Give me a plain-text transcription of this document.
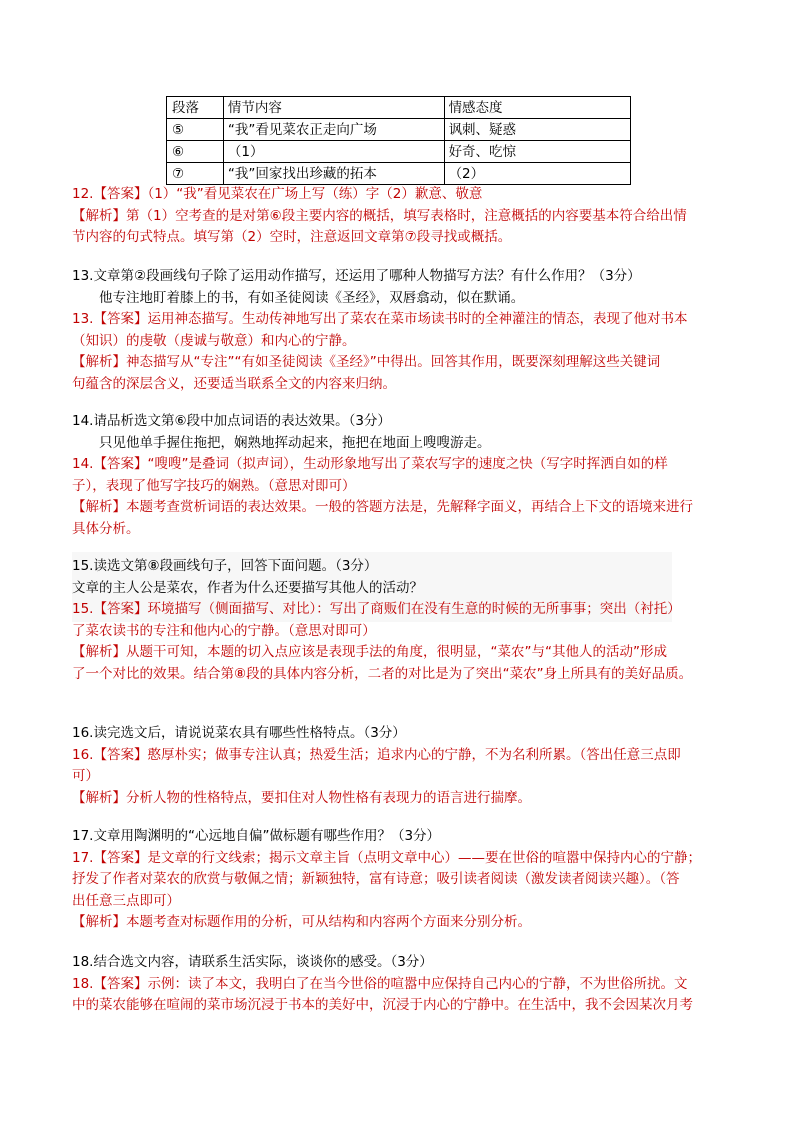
段落	情节内容	情感态度
⑤	“我”看见菜农正走向广场	讽刺、疑惑
⑥	（1）	好奇、吃惊
⑦	“我”回家找出珍藏的拓本	（2）
12.【答案】（1）“我”看见菜农在广场上写（练）字（2）歉意、敬意
【解析】第（1）空考查的是对第⑥段主要内容的概括，填写表格时，注意概括的内容要基本符合给出情
节内容的句式特点。填写第（2）空时，注意返回文章第⑦段寻找或概括。
13.文章第②段画线句子除了运用动作描写，还运用了哪种人物描写方法？有什么作用？（3分）
他专注地盯着膝上的书，有如圣徒阅读《圣经》，双唇翕动，似在默诵。
13.【答案】运用神态描写。生动传神地写出了菜农在菜市场读书时的全神灌注的情态，表现了他对书本
（知识）的虔敬（虔诚与敬意）和内心的宁静。
【解析】神态描写从“专注”“有如圣徒阅读《圣经》”中得出。回答其作用，既要深刻理解这些关键词
句蕴含的深层含义，还要适当联系全文的内容来归纳。
14.请品析选文第⑥段中加点词语的表达效果。（3分）
只见他单手握住拖把，娴熟地挥动起来，拖把在地面上嗖嗖游走。
14.【答案】“嗖嗖”是叠词（拟声词），生动形象地写出了菜农写字的速度之快（写字时挥洒自如的样
子），表现了他写字技巧的娴熟。（意思对即可）
【解析】本题考查赏析词语的表达效果。一般的答题方法是，先解释字面义，再结合上下文的语境来进行
具体分析。
15.读选文第⑧段画线句子，回答下面问题。（3分）
文章的主人公是菜农，作者为什么还要描写其他人的活动？
15.【答案】环境描写（侧面描写、对比）：写出了商贩们在没有生意的时候的无所事事；突出（衬托）
了菜农读书的专注和他内心的宁静。（意思对即可）
【解析】从题干可知，本题的切入点应该是表现手法的角度，很明显，“菜农”与“其他人的活动”形成
了一个对比的效果。结合第⑧段的具体内容分析，二者的对比是为了突出“菜农”身上所具有的美好品质。
16.读完选文后，请说说菜农具有哪些性格特点。（3分）
16.【答案】憨厚朴实；做事专注认真；热爱生活；追求内心的宁静，不为名利所累。（答出任意三点即
可）
【解析】分析人物的性格特点，要扣住对人物性格有表现力的语言进行揣摩。
17.文章用陶渊明的“心远地自偏”做标题有哪些作用？（3分）
17.【答案】是文章的行文线索；揭示文章主旨（点明文章中心）——要在世俗的喧嚣中保持内心的宁静；
抒发了作者对菜农的欣赏与敬佩之情；新颖独特，富有诗意；吸引读者阅读（激发读者阅读兴趣）。（答
出任意三点即可）
【解析】本题考查对标题作用的分析，可从结构和内容两个方面来分别分析。
18.结合选文内容，请联系生活实际，谈谈你的感受。（3分）
18.【答案】示例：读了本文，我明白了在当今世俗的喧嚣中应保持自己内心的宁静，不为世俗所扰。文
中的菜农能够在喧闹的菜市场沉浸于书本的美好中，沉浸于内心的宁静中。在生活中，我不会因某次月考
